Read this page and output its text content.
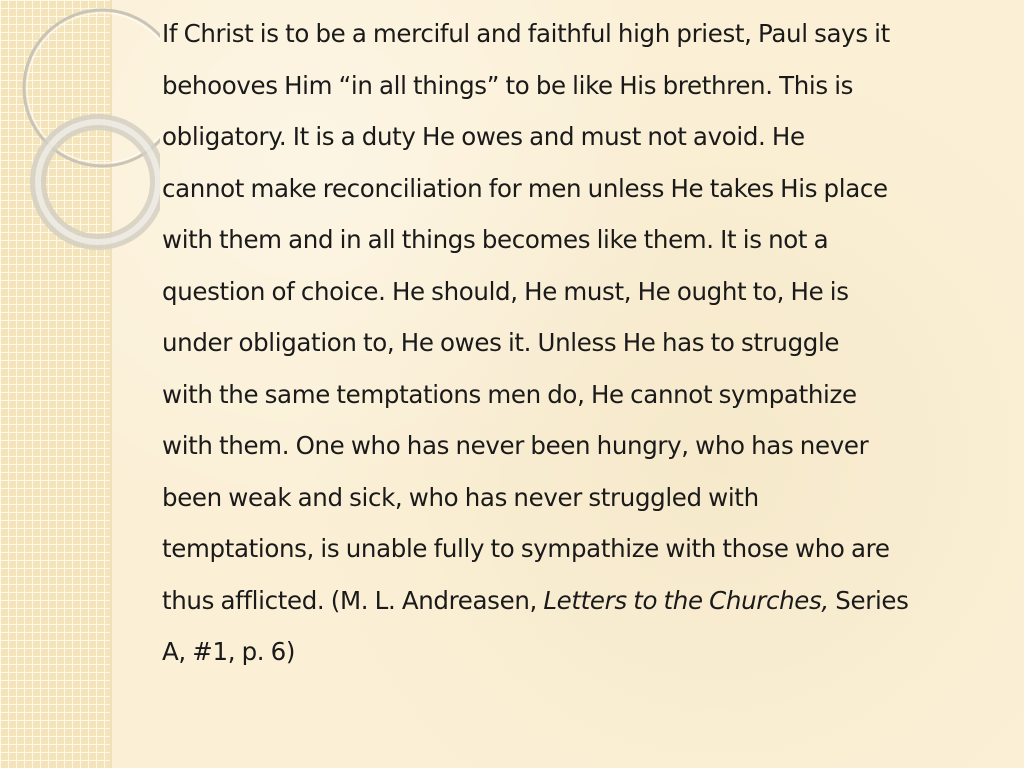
If Christ is to be a merciful and faithful high priest, Paul says it
behooves Him “in all things” to be like His brethren. This is
obligatory. It is a duty He owes and must not avoid. He
cannot make reconciliation for men unless He takes His place
with them and in all things becomes like them. It is not a
question of choice. He should, He must, He ought to, He is
under obligation to, He owes it. Unless He has to struggle
with the same temptations men do, He cannot sympathize
with them. One who has never been hungry, who has never
been weak and sick, who has never struggled with
temptations, is unable fully to sympathize with those who are
thus afflicted. (M. L. Andreasen, Letters to the Churches, Series
A, #1, p. 6)
